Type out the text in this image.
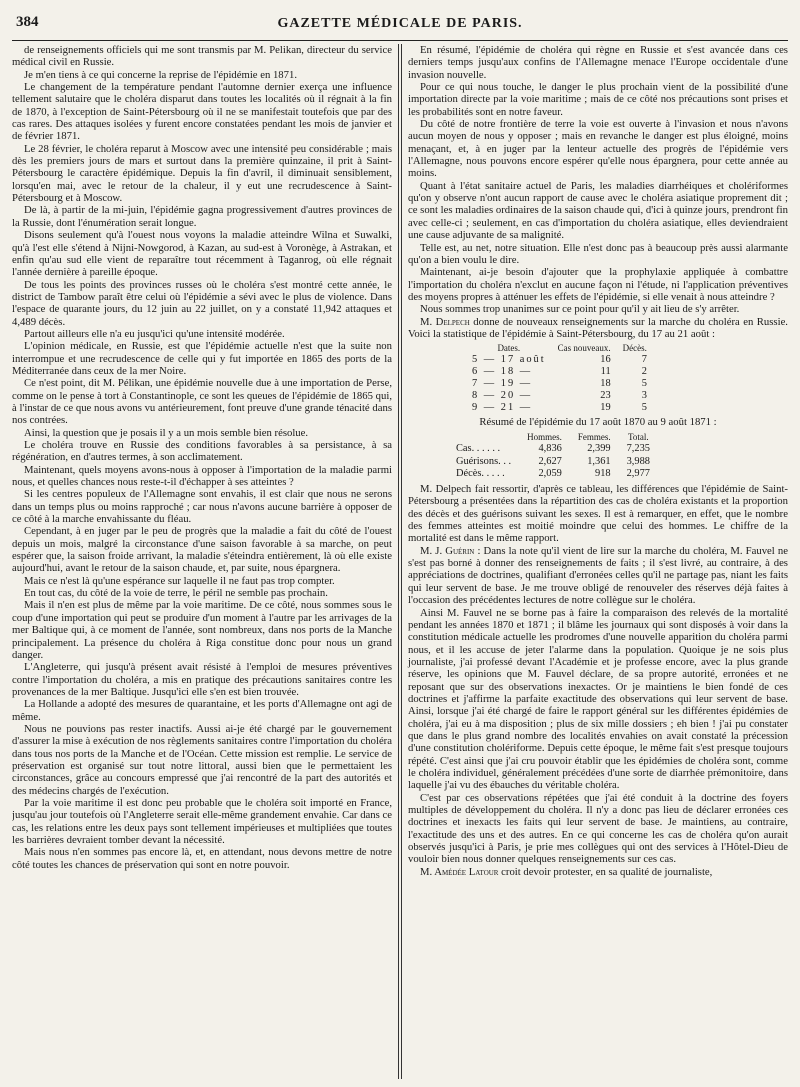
384	GAZETTE MÉDICALE DE PARIS.

de renseignements officiels qui me sont transmis par M. Pelikan, directeur du service médical civil en Russie.

Je m'en tiens à ce qui concerne la reprise de l'épidémie en 1871.

Le changement de la température pendant l'automne dernier exerça une influence tellement salutaire que le choléra disparut dans toutes les localités où il régnait à la fin de 1870, à l'exception de Saint-Pétersbourg où il ne se manifestait toutefois que par des cas rares. Des attaques isolées y furent encore constatées pendant les mois de janvier et de février 1871.

Le 28 février, le choléra reparut à Moscow avec une intensité peu considérable ; mais dès les premiers jours de mars et surtout dans la première quinzaine, il prit à Saint-Pétersbourg le caractère épidémique. Depuis la fin d'avril, il diminuait sensiblement, lorsqu'en mai, avec le retour de la chaleur, il y eut une recrudescence à Saint-Pétersbourg et à Moscow.

De là, à partir de la mi-juin, l'épidémie gagna progressivement d'autres provinces de la Russie, dont l'énumération serait longue.

Disons seulement qu'à l'ouest nous voyons la maladie atteindre Wilna et Suwalki, qu'à l'est elle s'étend à Nijni-Nowgorod, à Kazan, au sud-est à Voronège, à Astrakan, et enfin qu'au sud elle vient de reparaître tout récemment à Taganrog, où elle régnait l'année dernière à pareille époque.

De tous les points des provinces russes où le choléra s'est montré cette année, le district de Tambow paraît être celui où l'épidémie a sévi avec le plus de violence. Dans l'espace de quarante jours, du 12 juin au 22 juillet, on y a constaté 11,942 attaques et 4,489 décès.

Partout ailleurs elle n'a eu jusqu'ici qu'une intensité modérée.

L'opinion médicale, en Russie, est que l'épidémie actuelle n'est que la suite non interrompue et une recrudescence de celle qui y fut importée en 1865 des ports de la Méditerranée dans ceux de la mer Noire.

Ce n'est point, dit M. Pélikan, une épidémie nouvelle due à une importation de Perse, comme on le pense à tort à Constantinople, ce sont les queues de l'épidémie de 1865 qui, à l'instar de ce que nous avons vu antérieurement, font preuve d'une grande ténacité dans nos contrées.

Ainsi, la question que je posais il y a un mois semble bien résolue.

Le choléra trouve en Russie des conditions favorables à sa persistance, à sa régénération, en d'autres termes, à son acclimatement.

Maintenant, quels moyens avons-nous à opposer à l'importation de la maladie parmi nous, et quelles chances nous reste-t-il d'échapper à ses atteintes ?

Si les centres populeux de l'Allemagne sont envahis, il est clair que nous ne serons dans un temps plus ou moins rapproché ; car nous n'avons aucune barrière à opposer de ce côté à la marche envahissante du fléau.

Cependant, à en juger par le peu de progrès que la maladie a fait du côté de l'ouest depuis un mois, malgré la circonstance d'une saison favorable à sa marche, on peut espérer que, la saison froide arrivant, la maladie s'éteindra entièrement, là où elle existe aujourd'hui, avant le retour de la saison chaude, et, par suite, nous épargnera.

Mais ce n'est là qu'une espérance sur laquelle il ne faut pas trop compter.

En tout cas, du côté de la voie de terre, le péril ne semble pas prochain.

Mais il n'en est plus de même par la voie maritime. De ce côté, nous sommes sous le coup d'une importation qui peut se produire d'un moment à l'autre par les arrivages de la mer Baltique qui, à ce moment de l'année, sont nombreux, dans nos ports de la Manche principalement. La présence du choléra à Riga constitue donc pour nous un grand danger.

L'Angleterre, qui jusqu'à présent avait résisté à l'emploi de mesures préventives contre l'importation du choléra, a mis en pratique des précautions sanitaires contre les provenances de la mer Baltique. Jusqu'ici elle s'en est bien trouvée.

La Hollande a adopté des mesures de quarantaine, et les ports d'Allemagne ont agi de même.

Nous ne pouvions pas rester inactifs. Aussi ai-je été chargé par le gouvernement d'assurer la mise à exécution de nos règlements sanitaires contre l'importation du choléra dans tous nos ports de la Manche et de l'Océan. Cette mission est remplie. Le service de préservation est organisé sur tout notre littoral, aussi bien que le permettaient les circonstances, grâce au concours empressé que j'ai rencontré de la part des autorités et des médecins chargés de l'exécution.

Par la voie maritime il est donc peu probable que le choléra soit importé en France, jusqu'au jour toutefois où l'Angleterre serait elle-même grandement envahie. Car dans ce cas, les relations entre les deux pays sont tellement impérieuses et multipliées que toutes les barrières devraient tomber devant la nécessité.

Mais nous n'en sommes pas encore là, et, en attendant, nous devons mettre de notre côté toutes les chances de préservation qui sont en notre pouvoir.

En résumé, l'épidémie de choléra qui règne en Russie et s'est avancée dans ces derniers temps jusqu'aux confins de l'Allemagne menace l'Europe occidentale d'une invasion nouvelle.

Pour ce qui nous touche, le danger le plus prochain vient de la possibilité d'une importation directe par la voie maritime ; mais de ce côté nos précautions sont prises et les probabilités sont en notre faveur.

Du côté de notre frontière de terre la voie est ouverte à l'invasion et nous n'avons aucun moyen de nous y opposer ; mais en revanche le danger est plus éloigné, moins menaçant, et, à en juger par la lenteur actuelle des progrès de l'épidémie vers l'Allemagne, nous pouvons encore espérer qu'elle nous épargnera, pour cette année au moins.

Quant à l'état sanitaire actuel de Paris, les maladies diarrhéiques et cholériformes qu'on y observe n'ont aucun rapport de cause avec le choléra asiatique proprement dit ; ce sont les maladies ordinaires de la saison chaude qui, d'ici à quinze jours, prendront fin avec celle-ci ; seulement, en cas d'importation du choléra asiatique, elles deviendraient une cause adjuvante de sa malignité.

Telle est, au net, notre situation. Elle n'est donc pas à beaucoup près aussi alarmante qu'on a bien voulu le dire.

Maintenant, ai-je besoin d'ajouter que la prophylaxie appliquée à combattre l'importation du choléra n'exclut en aucune façon ni l'étude, ni l'application préventives des moyens propres à atténuer les effets de l'épidémie, si elle venait à nous atteindre ?

Nous sommes trop unanimes sur ce point pour qu'il y ait lieu de s'y arrêter.

M. Delpech donne de nouveaux renseignements sur la marche du choléra en Russie. Voici la statistique de l'épidémie à Saint-Pétersbourg, du 17 au 21 août :

Dates.	Cas nouveaux.	Décès.
5 — 17 août	16	7
6 — 18 —	11	2
7 — 19 —	18	5
8 — 20 —	23	3
9 — 21 —	19	5
Résumé de l'épidémie du 17 août 1870 au 9 août 1871 :
	Hommes.	Femmes.	Total.
Cas. . . . . .	4,836	2,399	7,235
Guérisons. . .	2,627	1,361	3,988
Décès. . . . .	2,059	918	2,977

M. Delpech fait ressortir, d'après ce tableau, les différences que l'épidémie de Saint-Pétersbourg a présentées dans la répartition des cas de choléra existants et la proportion des décès et des guérisons suivant les sexes. Il est à remarquer, en effet, que le nombre des femmes atteintes est moitié moindre que celui des hommes. Le chiffre de la mortalité est dans le même rapport.

M. J. Guérin : Dans la note qu'il vient de lire sur la marche du choléra, M. Fauvel ne s'est pas borné à donner des renseignements de faits ; il s'est livré, au contraire, à des appréciations de doctrines, qualifiant d'erronées celles qu'il ne partage pas, niant les faits qui leur servent de base. Je me trouve obligé de renouveler des réserves déjà faites à l'occasion des précédentes lectures de notre collègue sur le choléra.

Ainsi M. Fauvel ne se borne pas à faire la comparaison des relevés de la mortalité pendant les années 1870 et 1871 ; il blâme les journaux qui sont disposés à voir dans la constitution médicale actuelle les prodromes d'une nouvelle apparition du choléra parmi nous, et il les accuse de jeter l'alarme dans la population. Quoique je ne sois plus journaliste, j'ai professé devant l'Académie et je professe encore, avec la plus grande réserve, les opinions que M. Fauvel déclare, de sa propre autorité, erronées et ne reposant que sur des observations inexactes. Or je maintiens le bien fondé de ces doctrines et j'affirme la parfaite exactitude des observations qui leur servent de base. Ainsi, lorsque j'ai été chargé de faire le rapport général sur les différentes épidémies de choléra, j'ai eu à ma disposition ; plus de six mille dossiers ; eh bien ! j'ai pu constater que dans le plus grand nombre des localités envahies on avait constaté la précession d'une constitution cholériforme. Depuis cette époque, le même fait s'est presque toujours répété. C'est ainsi que j'ai cru pouvoir établir que les épidémies de choléra sont, comme le choléra individuel, généralement précédées d'une sorte de diarrhée prémonitoire, dans laquelle j'ai vu des ébauches du véritable choléra.

C'est par ces observations répétées que j'ai été conduit à la doctrine des foyers multiples de développement du choléra. Il n'y a donc pas lieu de déclarer erronées ces doctrines et inexacts les faits qui leur servent de base. Je maintiens, au contraire, l'exactitude des uns et des autres. En ce qui concerne les cas de choléra qu'on aurait observés jusqu'ici à Paris, je prie mes collègues qui ont des services à l'Hôtel-Dieu de vouloir bien nous donner quelques renseignements sur ces cas.

M. Amédée Latour croit devoir protester, en sa qualité de journaliste,
